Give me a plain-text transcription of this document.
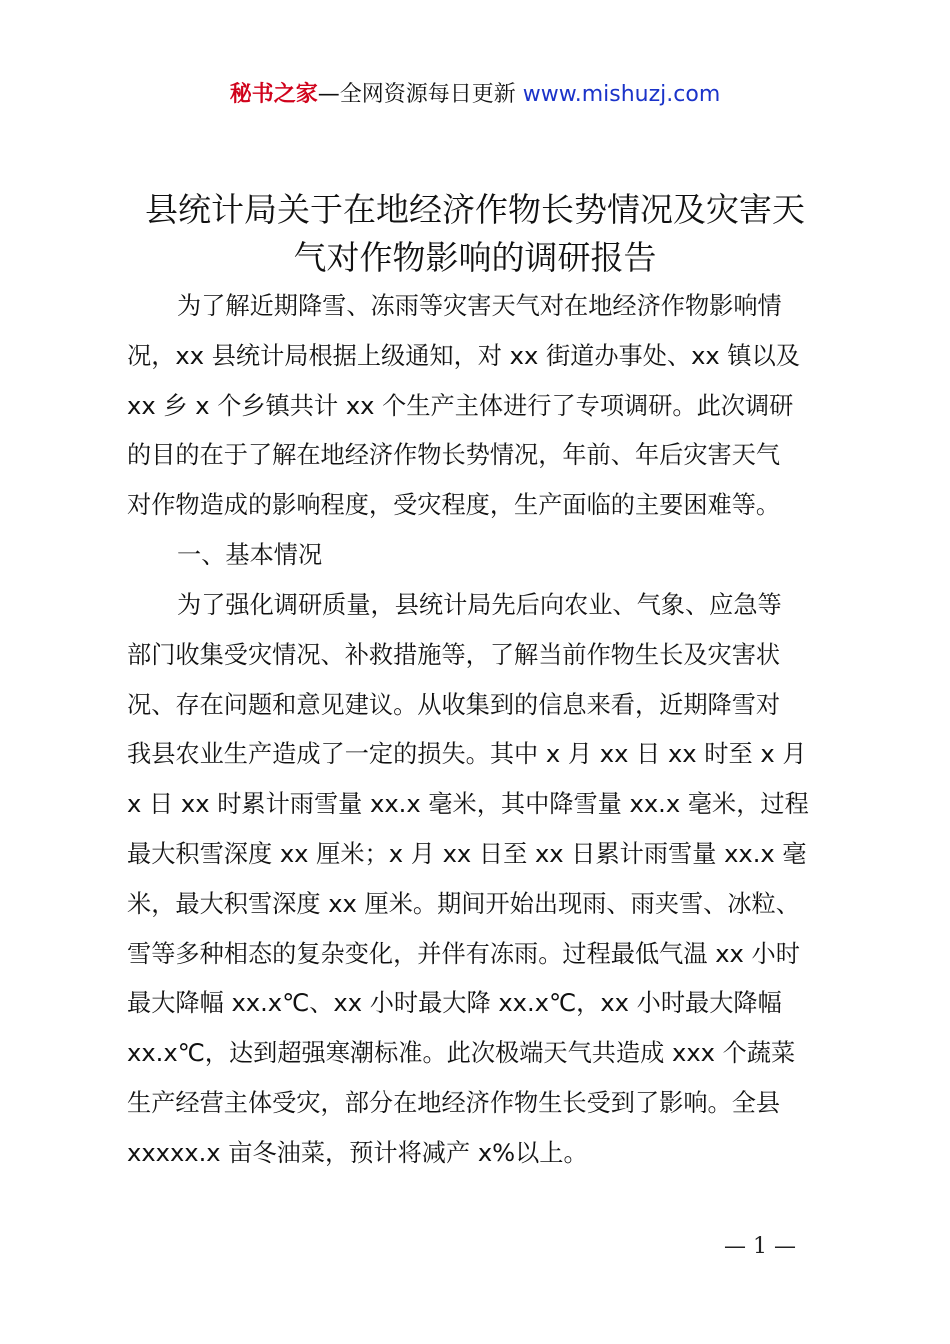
秘书之家—全网资源每日更新 www.mishuzj.com
县统计局关于在地经济作物长势情况及灾害天
气对作物影响的调研报告
为了解近期降雪、冻雨等灾害天气对在地经济作物影响情
况，xx 县统计局根据上级通知，对 xx 街道办事处、xx 镇以及
xx 乡 x 个乡镇共计 xx 个生产主体进行了专项调研。此次调研
的目的在于了解在地经济作物长势情况，年前、年后灾害天气
对作物造成的影响程度，受灾程度，生产面临的主要困难等。
一、基本情况
为了强化调研质量，县统计局先后向农业、气象、应急等
部门收集受灾情况、补救措施等，了解当前作物生长及灾害状
况、存在问题和意见建议。从收集到的信息来看，近期降雪对
我县农业生产造成了一定的损失。其中 x 月 xx 日 xx 时至 x 月
x 日 xx 时累计雨雪量 xx.x 毫米，其中降雪量 xx.x 毫米，过程
最大积雪深度 xx 厘米；x 月 xx 日至 xx 日累计雨雪量 xx.x 毫
米，最大积雪深度 xx 厘米。期间开始出现雨、雨夹雪、冰粒、
雪等多种相态的复杂变化，并伴有冻雨。过程最低气温 xx 小时
最大降幅 xx.x℃、xx 小时最大降 xx.x℃，xx 小时最大降幅
xx.x℃，达到超强寒潮标准。此次极端天气共造成 xxx 个蔬菜
生产经营主体受灾，部分在地经济作物生长受到了影响。全县
xxxxx.x 亩冬油菜，预计将减产 x%以上。
— 1 —
